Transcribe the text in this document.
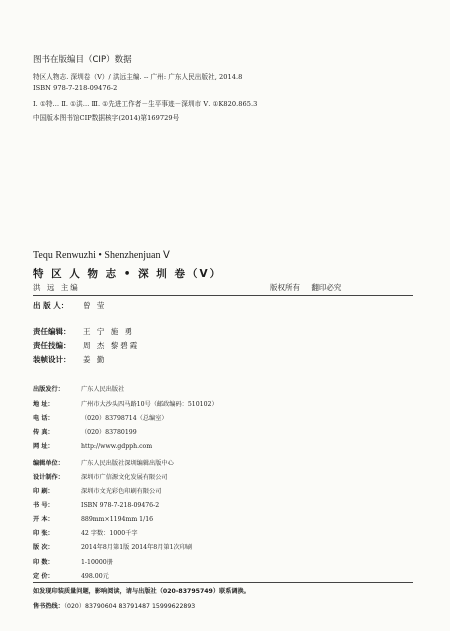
图书在版编目（CIP）数据
特区人物志. 深圳卷（V）/ 洪远主编. -- 广州: 广东人民出版社, 2014.8
ISBN 978-7-218-09476-2
Ⅰ. ①特… Ⅱ. ①洪… Ⅲ. ①先进工作者－生平事迹－深圳市 Ⅴ. ①K820.865.3
中国版本图书馆CIP数据核字(2014)第169729号
Tequ Renwuzhi • Shenzhenjuan Ⅴ
特 区 人 物 志 • 深 圳 卷（Ⅴ）
洪 远 主编	版权所有 翻印必究
出 版 人： 曾 莹
责任编辑： 王 宁 施 勇
责任技编： 周 杰 黎碧霞
装帧设计： 姜 勤
出版发行：	广东人民出版社
地 址：	广州市大沙头四马路10号（邮政编码：510102）
电 话：	（020）83798714（总编室）
传 真：	（020）83780199
网 址：	http://www.gdpph.com
编辑单位：	广东人民出版社深圳编辑出版中心
设计制作：	深圳市广信源文化发展有限公司
印 刷：	深圳市文光彩色印刷有限公司
书 号：	ISBN 978-7-218-09476-2
开 本：	889mm×1194mm 1/16
印 张：	42 字数：1000千字
版 次：	2014年8月第1版 2014年8月第1次印刷
印 数：	1-10000册
定 价：	498.00元
如发现印装质量问题，影响阅读，请与出版社（020-83795749）联系调换。
售书热线：（020）83790604 83791487 15999622893
